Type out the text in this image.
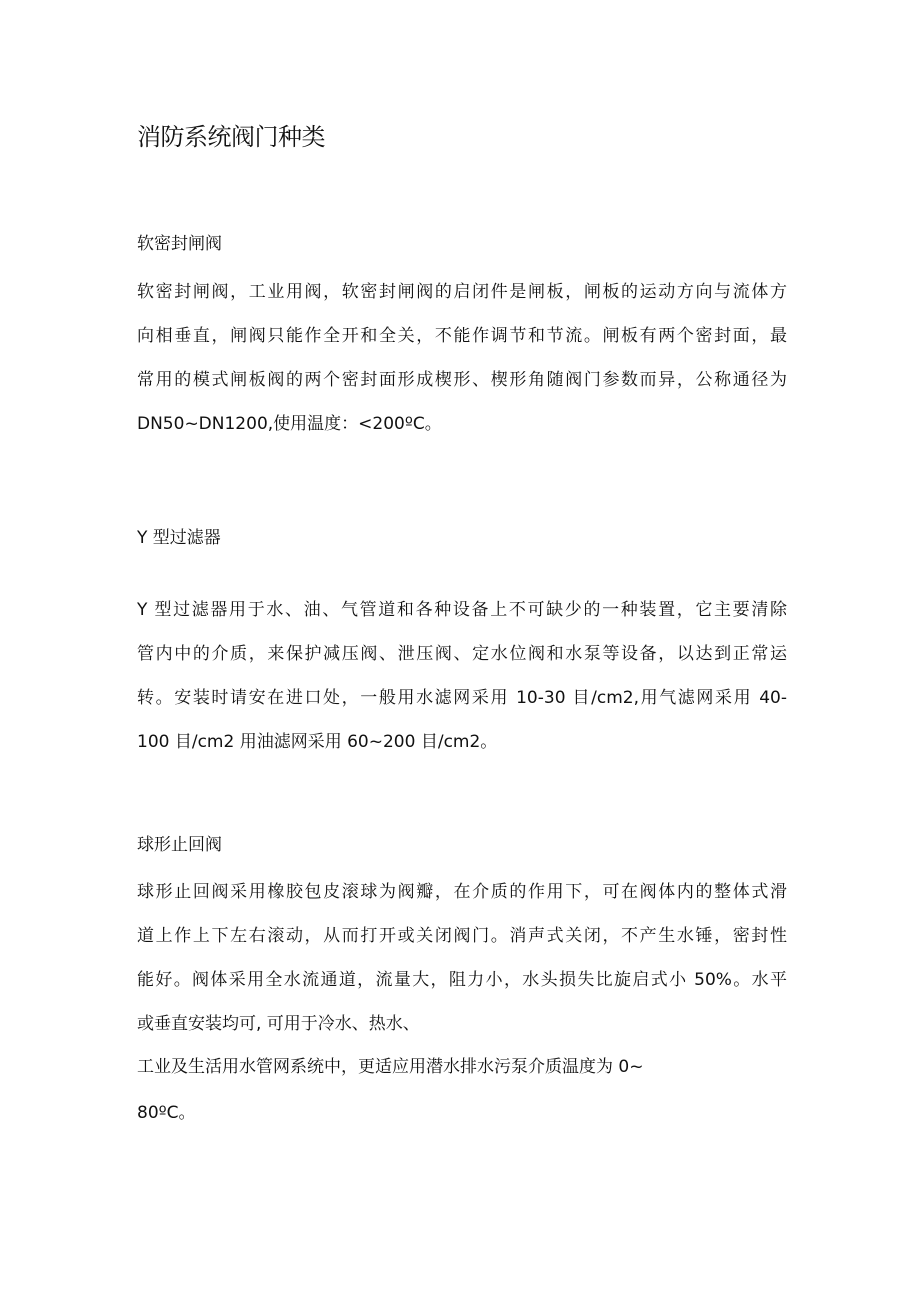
消防系统阀门种类
软密封闸阀
软密封闸阀，工业用阀，软密封闸阀的启闭件是闸板，闸板的运动方向与流体方
向相垂直，闸阀只能作全开和全关，不能作调节和节流。闸板有两个密封面，最
常用的模式闸板阀的两个密封面形成楔形、楔形角随阀门参数而异，公称通径为
DN50~DN1200,使用温度：<200ºC。
Y 型过滤器
Y 型过滤器用于水、油、气管道和各种设备上不可缺少的一种装置，它主要清除
管内中的介质，来保护减压阀、泄压阀、定水位阀和水泵等设备，以达到正常运
转。安装时请安在进口处，一般用水滤网采用 10-30 目/cm2,用气滤网采用 40-
100 目/cm2 用油滤网采用 60~200 目/cm2。
球形止回阀
球形止回阀采用橡胶包皮滚球为阀瓣，在介质的作用下，可在阀体内的整体式滑
道上作上下左右滚动，从而打开或关闭阀门。消声式关闭，不产生水锤，密封性
能好。阀体采用全水流通道，流量大，阻力小，水头损失比旋启式小 50%。水平
或垂直安装均可, 可用于冷水、热水、
工业及生活用水管网系统中，更适应用潜水排水污泵介质温度为 0~
80ºC。
